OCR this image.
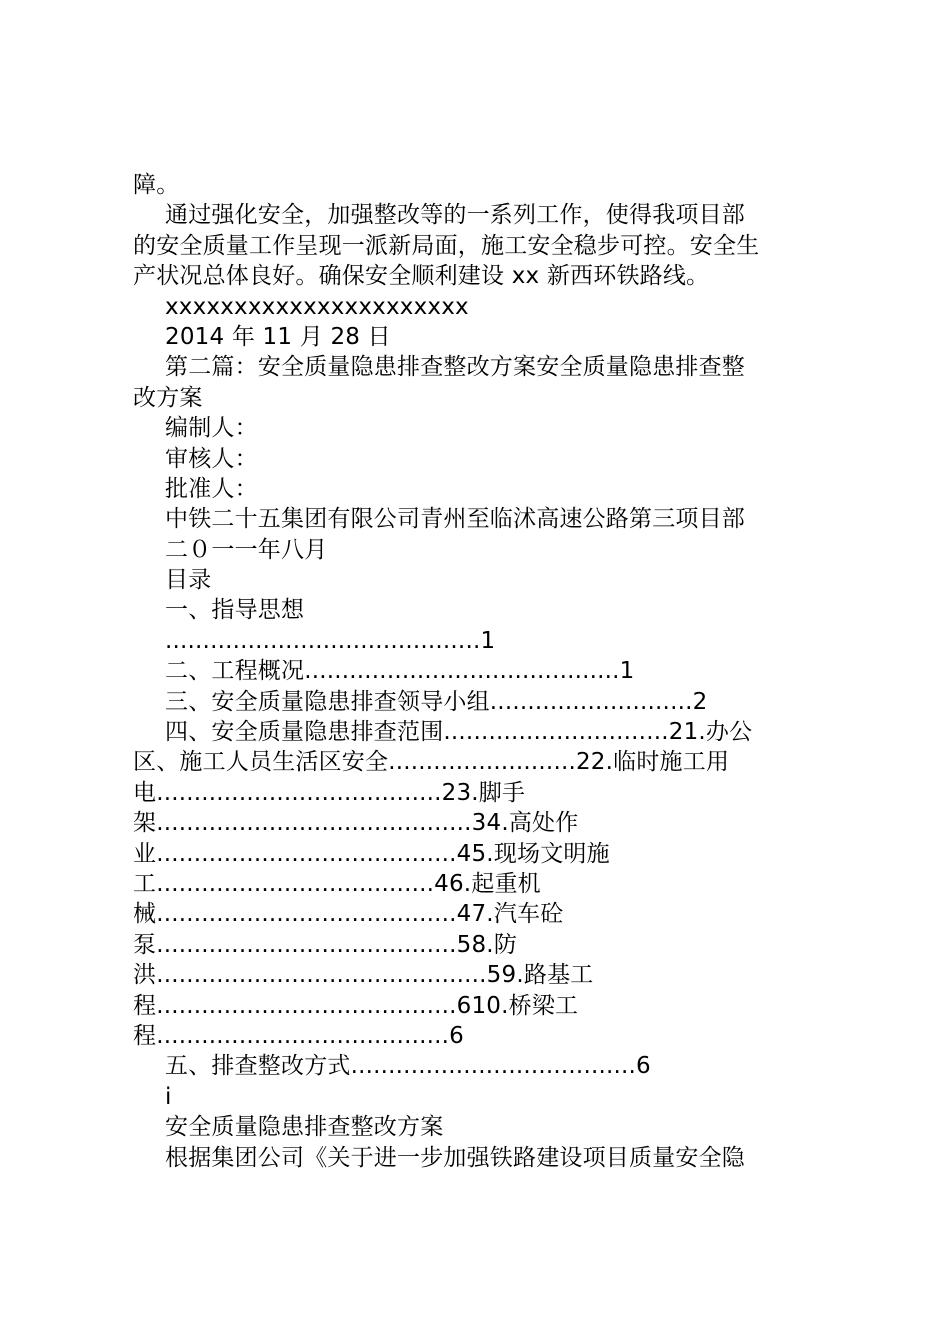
障。
通过强化安全，加强整改等的一系列工作，使得我项目部
的安全质量工作呈现一派新局面，施工安全稳步可控。安全生
产状况总体良好。确保安全顺利建设 xx 新西环铁路线。
xxxxxxxxxxxxxxxxxxxxxx
2014 年 11 月 28 日
第二篇：安全质量隐患排查整改方案安全质量隐患排查整
改方案
编制人：
审核人：
批准人：
中铁二十五集团有限公司青州至临沭高速公路第三项目部
二０一一年八月
目录
一、指导思想
..........................................1
二、工程概况..........................................1
三、安全质量隐患排查领导小组...........................2
四、安全质量隐患排查范围..............................21.办公
区、施工人员生活区安全.........................22.临时施工用
电......................................23.脚手
架..........................................34.高处作
业........................................45.现场文明施
工.....................................46.起重机
械........................................47.汽车砼
泵........................................58.防
洪............................................59.路基工
程........................................610.桥梁工
程.......................................6
五、排查整改方式......................................6
i
安全质量隐患排查整改方案
根据集团公司《关于进一步加强铁路建设项目质量安全隐
